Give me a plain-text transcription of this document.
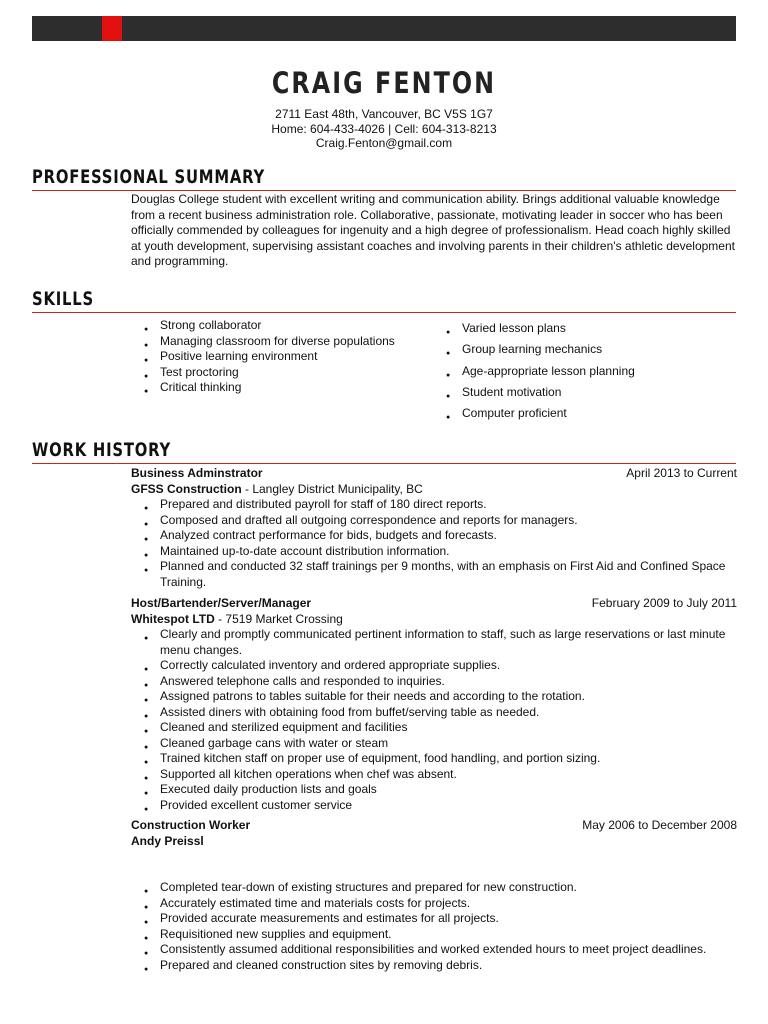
CRAIG FENTON
2711 East 48th, Vancouver, BC V5S 1G7
Home: 604-433-4026 | Cell: 604-313-8213
Craig.Fenton@gmail.com
PROFESSIONAL SUMMARY

Douglas College student with excellent writing and communication ability. Brings additional valuable knowledge from a recent business administration role. Collaborative, passionate, motivating leader in soccer who has been officially commended by colleagues for ingenuity and a high degree of professionalism. Head coach highly skilled at youth development, supervising assistant coaches and involving parents in their children's athletic development and programming.

SKILLS
● Strong collaborator
● Managing classroom for diverse populations
● Positive learning environment
● Test proctoring
● Critical thinking
● Varied lesson plans
● Group learning mechanics
● Age-appropriate lesson planning
● Student motivation
● Computer proficient
WORK HISTORY
Business Adminstrator	April 2013 to Current
GFSS Construction - Langley District Municipality, BC
● Prepared and distributed payroll for staff of 180 direct reports.
● Composed and drafted all outgoing correspondence and reports for managers.
● Analyzed contract performance for bids, budgets and forecasts.
● Maintained up-to-date account distribution information.
● Planned and conducted 32 staff trainings per 9 months, with an emphasis on First Aid and Confined Space Training.
Host/Bartender/Server/Manager	February 2009 to July 2011
Whitespot LTD - 7519 Market Crossing
● Clearly and promptly communicated pertinent information to staff, such as large reservations or last minute menu changes.
● Correctly calculated inventory and ordered appropriate supplies.
● Answered telephone calls and responded to inquiries.
● Assigned patrons to tables suitable for their needs and according to the rotation.
● Assisted diners with obtaining food from buffet/serving table as needed.
● Cleaned and sterilized equipment and facilities
● Cleaned garbage cans with water or steam
● Trained kitchen staff on proper use of equipment, food handling, and portion sizing.
● Supported all kitchen operations when chef was absent.
● Executed daily production lists and goals
● Provided excellent customer service
Construction Worker	May 2006 to December 2008
Andy Preissl
● Completed tear-down of existing structures and prepared for new construction.
● Accurately estimated time and materials costs for projects.
● Provided accurate measurements and estimates for all projects.
● Requisitioned new supplies and equipment.
● Consistently assumed additional responsibilities and worked extended hours to meet project deadlines.
● Prepared and cleaned construction sites by removing debris.
